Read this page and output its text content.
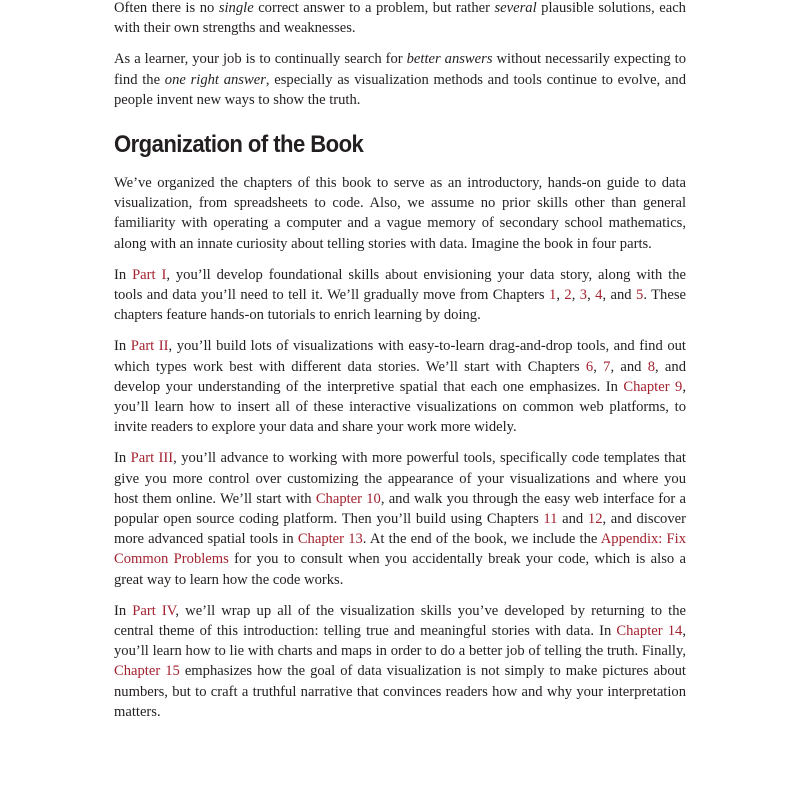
Often there is no single correct answer to a problem, but rather several plausible solutions, each with their own strengths and weaknesses.

As a learner, your job is to continually search for better answers without necessarily expecting to find the one right answer, especially as visualization methods and tools continue to evolve, and people invent new ways to show the truth.

Organization of the Book

We’ve organized the chapters of this book to serve as an introductory, hands-on guide to data visualization, from spreadsheets to code. Also, we assume no prior skills other than general familiarity with operating a computer and a vague memory of secondary school mathematics, along with an innate curiosity about telling stories with data. Imagine the book in four parts.

In Part I, you’ll develop foundational skills about envisioning your data story, along with the tools and data you’ll need to tell it. We’ll gradually move from Chapters 1, 2, 3, 4, and 5. These chapters feature hands-on tutorials to enrich learning by doing.

In Part II, you’ll build lots of visualizations with easy-to-learn drag-and-drop tools, and find out which types work best with different data stories. We’ll start with Chapters 6, 7, and 8, and develop your understanding of the interpretive spatial that each one emphasizes. In Chapter 9, you’ll learn how to insert all of these interactive visualizations on common web platforms, to invite readers to explore your data and share your work more widely.

In Part III, you’ll advance to working with more powerful tools, specifically code templates that give you more control over customizing the appearance of your visualizations and where you host them online. We’ll start with Chapter 10, and walk you through the easy web interface for a popular open source coding platform. Then you’ll build using Chapters 11 and 12, and discover more advanced spatial tools in Chapter 13. At the end of the book, we include the Appendix: Fix Common Problems for you to consult when you accidentally break your code, which is also a great way to learn how the code works.

In Part IV, we’ll wrap up all of the visualization skills you’ve developed by returning to the central theme of this introduction: telling true and meaningful stories with data. In Chapter 14, you’ll learn how to lie with charts and maps in order to do a better job of telling the truth. Finally, Chapter 15 emphasizes how the goal of data visualization is not simply to make pictures about numbers, but to craft a truthful narrative that convinces readers how and why your interpretation matters.
